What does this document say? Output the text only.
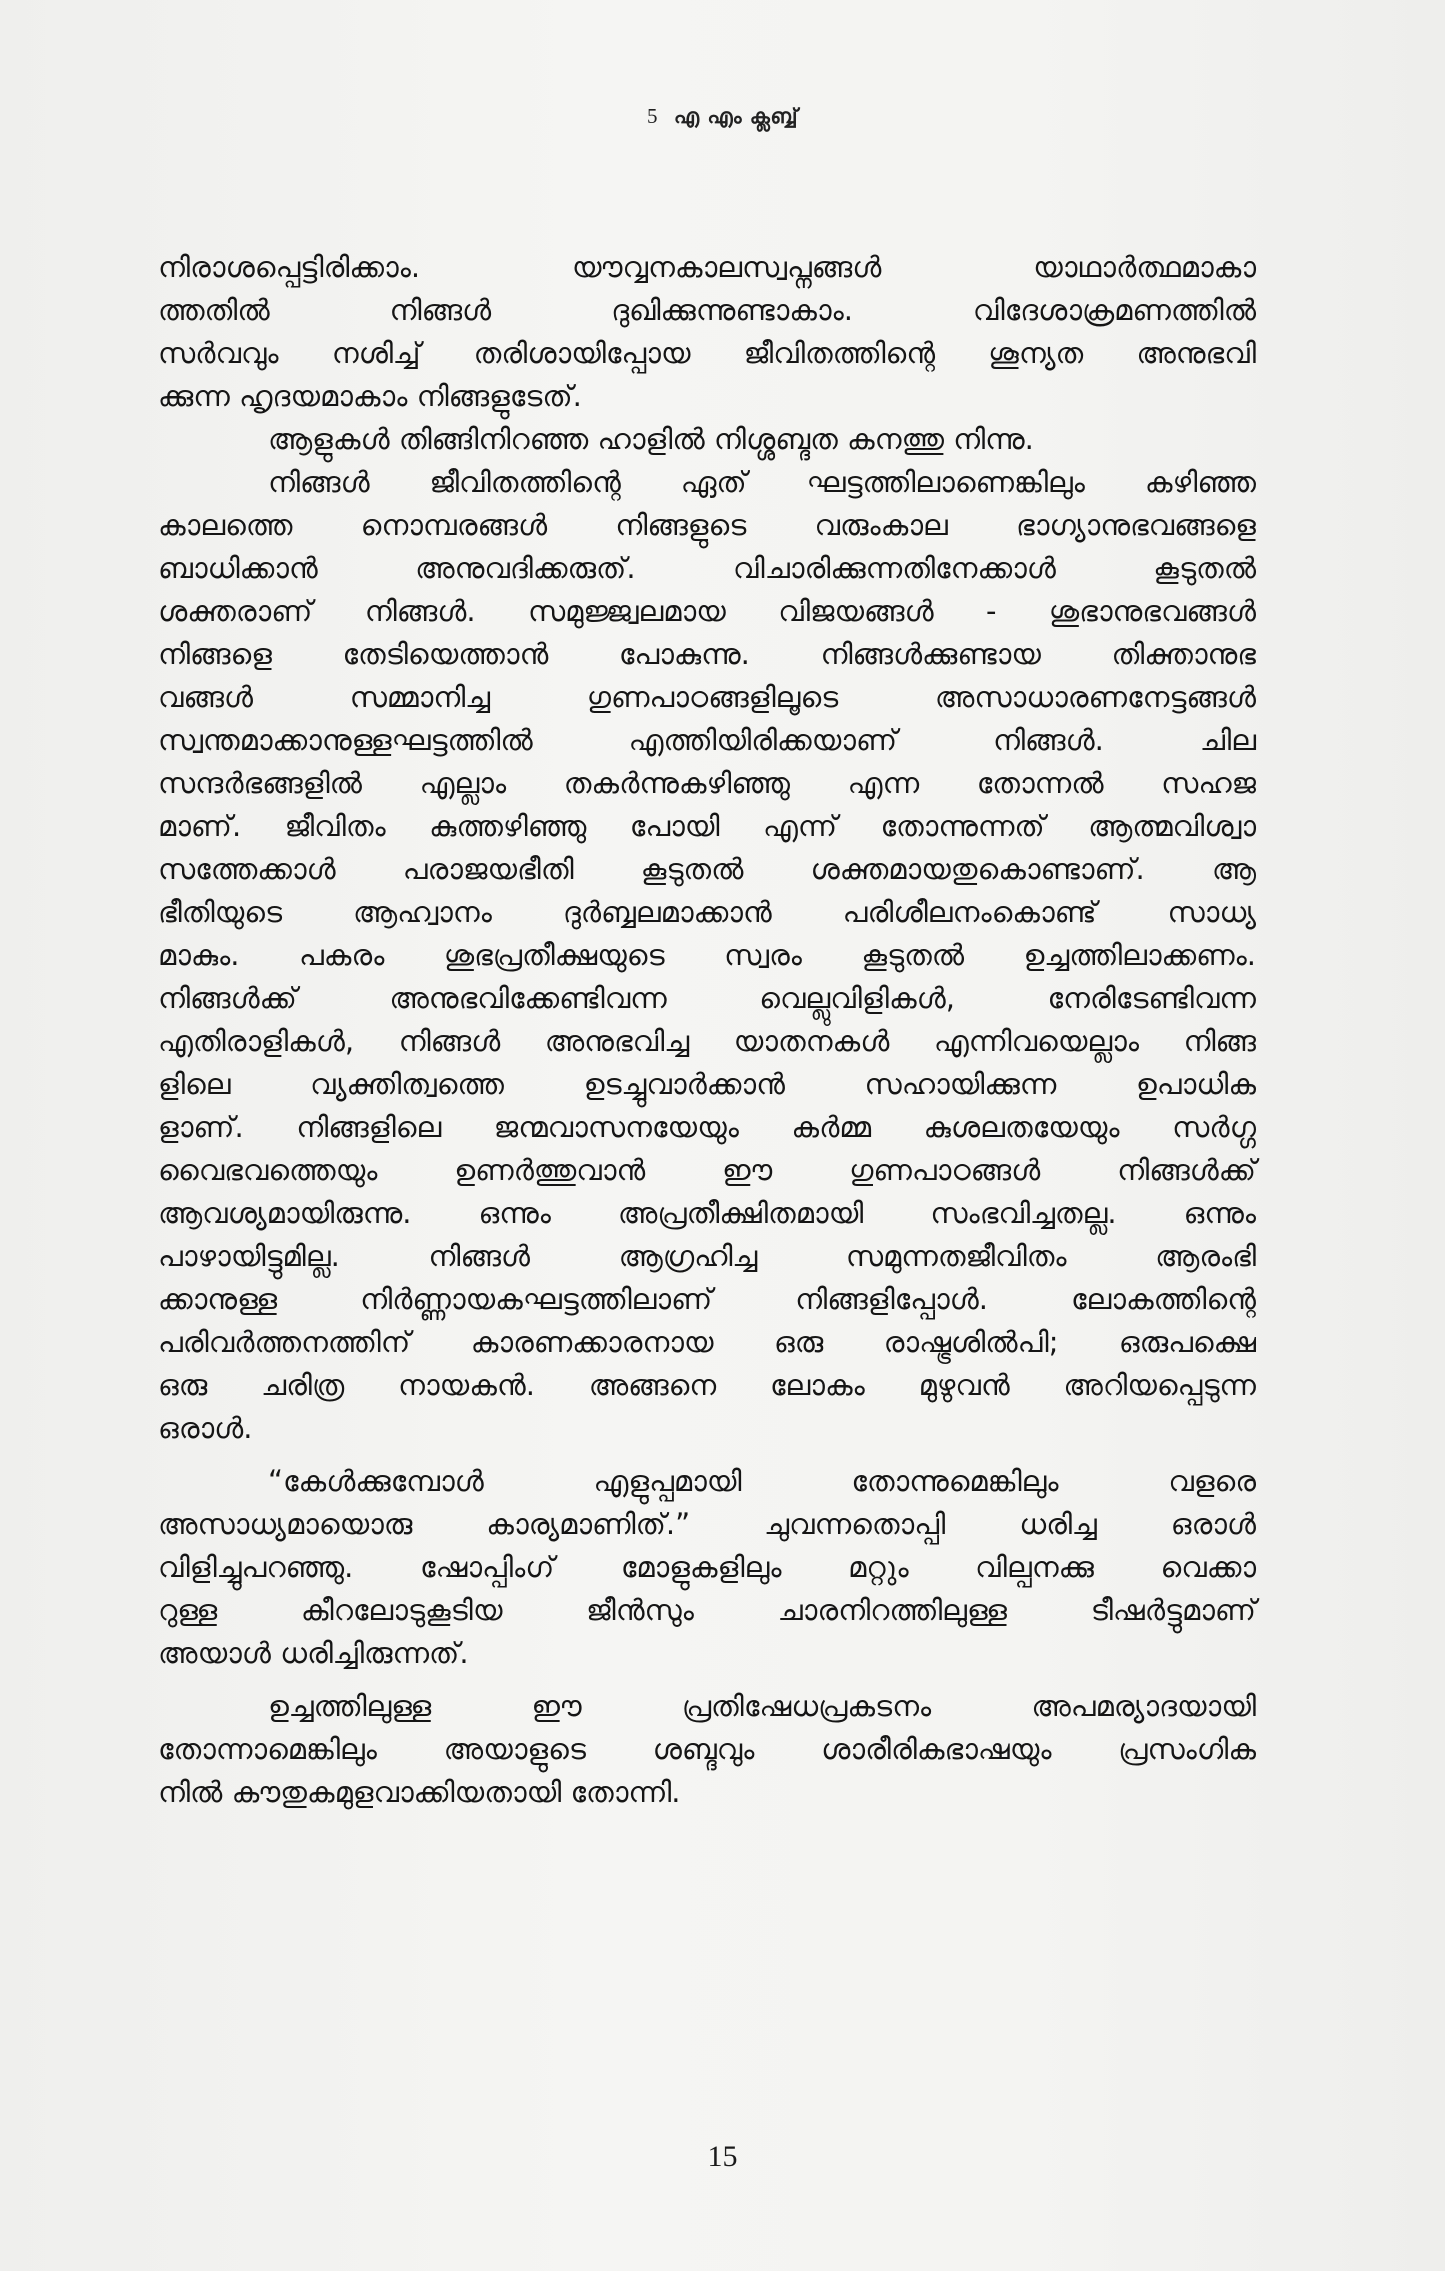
5 എ എം ക്ലബ്ബ്
നിരാശപ്പെട്ടിരിക്കാം. യൗവ്വനകാലസ്വപ്നങ്ങൾ യാഥാർത്ഥമാകാ
ത്തതിൽ നിങ്ങൾ ദുഖിക്കുന്നുണ്ടാകാം. വിദേശാക്രമണത്തിൽ
സർവവും നശിച്ച് തരിശായിപ്പോയ ജീവിതത്തിന്റെ ശൂന്യത അനുഭവി
ക്കുന്ന ഹൃദയമാകാം നിങ്ങളുടേത്.
ആളുകൾ തിങ്ങിനിറഞ്ഞ ഹാളിൽ നിശ്ശബ്ദത കനത്തു നിന്നു.
നിങ്ങൾ ജീവിതത്തിന്റെ ഏത് ഘട്ടത്തിലാണെങ്കിലും കഴിഞ്ഞ
കാലത്തെ നൊമ്പരങ്ങൾ നിങ്ങളുടെ വരുംകാല ഭാഗ്യാനുഭവങ്ങളെ
ബാധിക്കാൻ അനുവദിക്കരുത്. വിചാരിക്കുന്നതിനേക്കാൾ കൂടുതൽ
ശക്തരാണ് നിങ്ങൾ. സമുജ്ജ്വലമായ വിജയങ്ങൾ - ശുഭാനുഭവങ്ങൾ
നിങ്ങളെ തേടിയെത്താൻ പോകുന്നു. നിങ്ങൾക്കുണ്ടായ തിക്താനുഭ
വങ്ങൾ സമ്മാനിച്ച ഗുണപാഠങ്ങളിലൂടെ അസാധാരണനേട്ടങ്ങൾ
സ്വന്തമാക്കാനുള്ളഘട്ടത്തിൽ എത്തിയിരിക്കയാണ് നിങ്ങൾ. ചില
സന്ദർഭങ്ങളിൽ എല്ലാം തകർന്നുകഴിഞ്ഞു എന്ന തോന്നൽ സഹജ
മാണ്. ജീവിതം കുത്തഴിഞ്ഞു പോയി എന്ന് തോന്നുന്നത് ആത്മവിശ്വാ
സത്തേക്കാൾ പരാജയഭീതി കൂടുതൽ ശക്തമായതുകൊണ്ടാണ്. ആ
ഭീതിയുടെ ആഹ്വാനം ദുർബ്ബലമാക്കാൻ പരിശീലനംകൊണ്ട് സാധ്യ
മാകും. പകരം ശുഭപ്രതീക്ഷയുടെ സ്വരം കൂടുതൽ ഉച്ചത്തിലാക്കണം.
നിങ്ങൾക്ക് അനുഭവിക്കേണ്ടിവന്ന വെല്ലുവിളികൾ, നേരിടേണ്ടിവന്ന
എതിരാളികൾ, നിങ്ങൾ അനുഭവിച്ച യാതനകൾ എന്നിവയെല്ലാം നിങ്ങ
ളിലെ വ്യക്തിത്വത്തെ ഉടച്ചുവാർക്കാൻ സഹായിക്കുന്ന ഉപാധിക
ളാണ്. നിങ്ങളിലെ ജന്മവാസനയേയും കർമ്മ കുശലതയേയും സർഗ്ഗ
വൈഭവത്തെയും ഉണർത്തുവാൻ ഈ ഗുണപാഠങ്ങൾ നിങ്ങൾക്ക്
ആവശ്യമായിരുന്നു. ഒന്നും അപ്രതീക്ഷിതമായി സംഭവിച്ചതല്ല. ഒന്നും
പാഴായിട്ടുമില്ല. നിങ്ങൾ ആഗ്രഹിച്ച സമുന്നതജീവിതം ആരംഭി
ക്കാനുള്ള നിർണ്ണായകഘട്ടത്തിലാണ് നിങ്ങളിപ്പോൾ. ലോകത്തിന്റെ
പരിവർത്തനത്തിന് കാരണക്കാരനായ ഒരു രാഷ്ട്രശിൽപി; ഒരുപക്ഷെ
ഒരു ചരിത്ര നായകൻ. അങ്ങനെ ലോകം മുഴുവൻ അറിയപ്പെടുന്ന
ഒരാൾ.
“കേൾക്കുമ്പോൾ എളുപ്പമായി തോന്നുമെങ്കിലും വളരെ
അസാധ്യമായൊരു കാര്യമാണിത്.” ചുവന്നതൊപ്പി ധരിച്ച ഒരാൾ
വിളിച്ചുപറഞ്ഞു. ഷോപ്പിംഗ് മോളുകളിലും മറ്റും വില്പനക്കു വെക്കാ
റുള്ള കീറലോടുകൂടിയ ജീൻസും ചാരനിറത്തിലുള്ള ടീഷർട്ടുമാണ്
അയാൾ ധരിച്ചിരുന്നത്.
ഉച്ചത്തിലുള്ള ഈ പ്രതിഷേധപ്രകടനം അപമര്യാദയായി
തോന്നാമെങ്കിലും അയാളുടെ ശബ്ദവും ശാരീരികഭാഷയും പ്രസംഗിക
നിൽ കൗതുകമുളവാക്കിയതായി തോന്നി.
15
